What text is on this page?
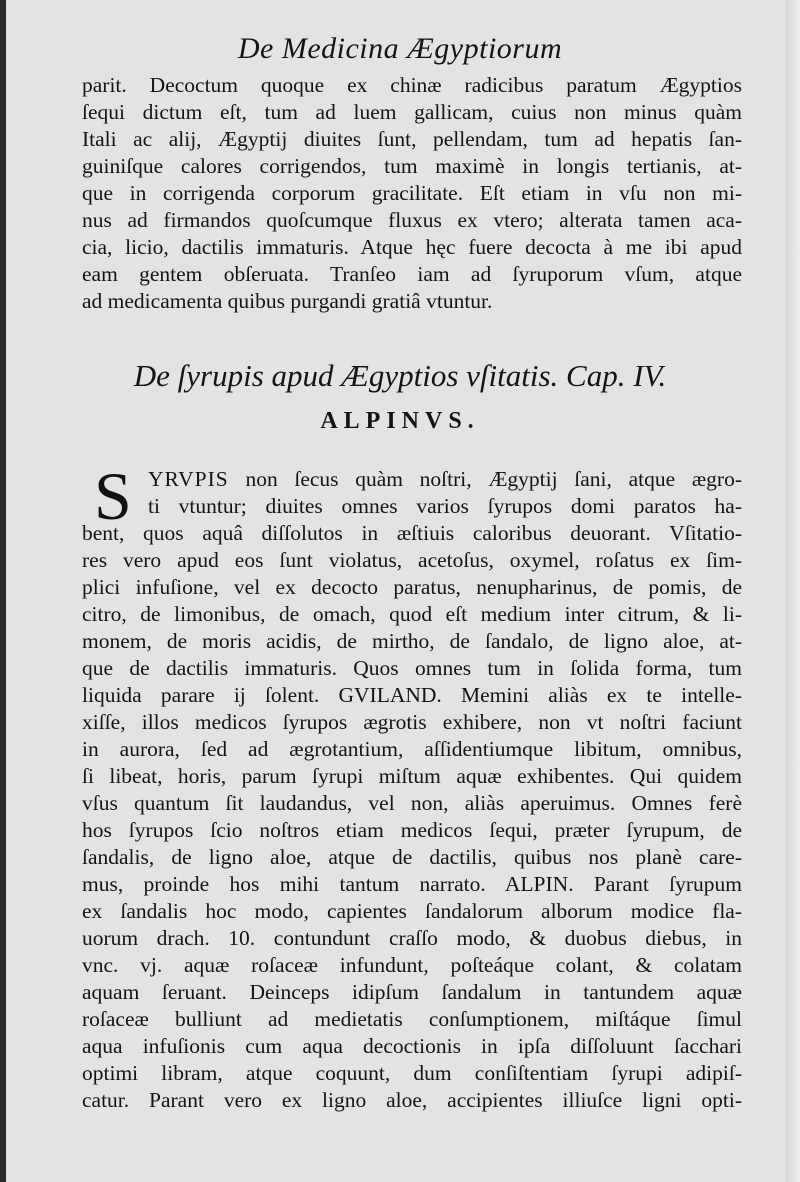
De Medicina Ægyptiorum
parit. Decoctum quoque ex chinæ radicibus paratum Ægyptios
ſequi dictum eſt, tum ad luem gallicam, cuius non minus quàm
Itali ac alij, Ægyptij diuites ſunt, pellendam, tum ad hepatis ſan-
guiniſque calores corrigendos, tum maximè in longis tertianis, at-
que in corrigenda corporum gracilitate. Eſt etiam in vſu non mi-
nus ad firmandos quoſcumque fluxus ex vtero; alterata tamen aca-
cia, licio, dactilis immaturis. Atque hęc fuere decocta à me ibi apud
eam gentem obſeruata. Tranſeo iam ad ſyruporum vſum, atque
ad medicamenta quibus purgandi gratiâ vtuntur.
De ſyrupis apud Ægyptios vſitatis. Cap. IV.
ALPINVS.
S YRVPIS non ſecus quàm noſtri, Ægyptij ſani, atque ægro-
ti vtuntur; diuites omnes varios ſyrupos domi paratos ha-
bent, quos aquâ diſſolutos in æſtiuis caloribus deuorant. Vſitatio-
res vero apud eos ſunt violatus, acetoſus, oxymel, roſatus ex ſim-
plici infuſione, vel ex decocto paratus, nenupharinus, de pomis, de
citro, de limonibus, de omach, quod eſt medium inter citrum, & li-
monem, de moris acidis, de mirtho, de ſandalo, de ligno aloe, at-
que de dactilis immaturis. Quos omnes tum in ſolida forma, tum
liquida parare ij ſolent. GVILAND. Memini aliàs ex te intelle-
xiſſe, illos medicos ſyrupos ægrotis exhibere, non vt noſtri faciunt
in aurora, ſed ad ægrotantium, aſſidentiumque libitum, omnibus,
ſi libeat, horis, parum ſyrupi miſtum aquæ exhibentes. Qui quidem
vſus quantum ſit laudandus, vel non, aliàs aperuimus. Omnes ferè
hos ſyrupos ſcio noſtros etiam medicos ſequi, præter ſyrupum, de
ſandalis, de ligno aloe, atque de dactilis, quibus nos planè care-
mus, proinde hos mihi tantum narrato. ALPIN. Parant ſyrupum
ex ſandalis hoc modo, capientes ſandalorum alborum modice fla-
uorum drach. 10. contundunt craſſo modo, & duobus diebus, in
vnc. vj. aquæ roſaceæ infundunt, poſteáque colant, & colatam
aquam ſeruant. Deinceps idipſum ſandalum in tantundem aquæ
roſaceæ bulliunt ad medietatis conſumptionem, miſtáque ſimul
aqua infuſionis cum aqua decoctionis in ipſa diſſoluunt ſacchari
optimi libram, atque coquunt, dum conſiſtentiam ſyrupi adipiſ-
catur. Parant vero ex ligno aloe, accipientes illiuſce ligni opti-
